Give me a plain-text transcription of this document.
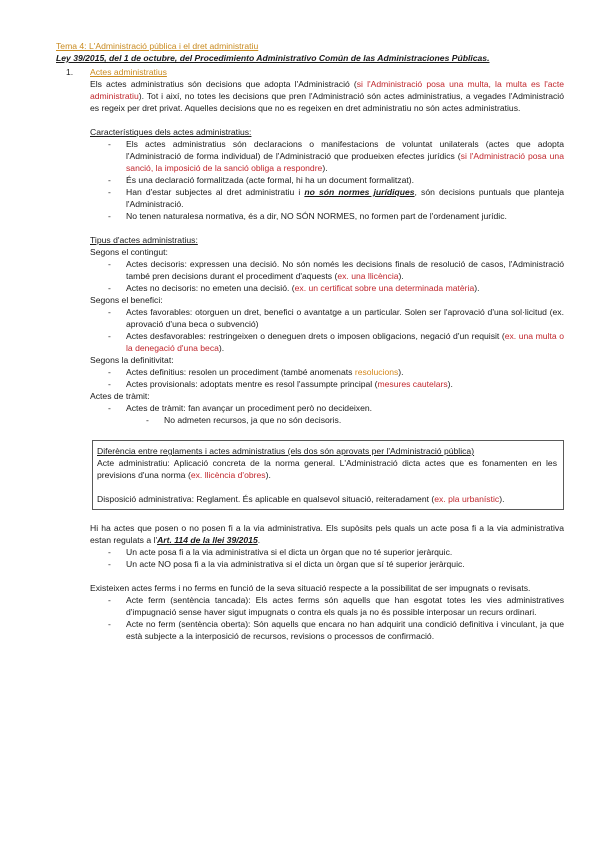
Tema 4: L'Administració pública i el dret administratiu

Ley 39/2015, del 1 de octubre, del Procedimiento Administrativo Común de las Administraciones Públicas.

1. Actes administratius

Els actes administratius són decisions que adopta l'Administració (si l'Administració posa una multa, la multa es l'acte administratiu). Tot i així, no totes les decisions que pren l'Administració són actes administratius, a vegades l'Administració es regeix per dret privat. Aquelles decisions que no es regeixen en dret administratiu no són actes administratius.

Característiques dels actes administratius:

- Els actes administratius són declaracions o manifestacions de voluntat unilaterals (actes que adopta l'Administració de forma individual) de l'Administració que produeixen efectes jurídics (si l'Administració posa una sanció, la imposició de la sanció obliga a respondre).
- És una declaració formalitzada (acte formal, hi ha un document formalitzat).
- Han d'estar subjectes al dret administratiu i no són normes jurídiques, són decisions puntuals que planteja l'Administració.
- No tenen naturalesa normativa, és a dir, NO SÓN NORMES, no formen part de l'ordenament jurídic.

Tipus d'actes administratius:

Segons el contingut:

- Actes decisoris: expressen una decisió. No són només les decisions finals de resolució de casos, l'Administració també pren decisions durant el procediment d'aquests (ex. una llicència).
- Actes no decisoris: no emeten una decisió. (ex. un certificat sobre una determinada matèria).

Segons el benefici:

- Actes favorables: otorguen un dret, benefici o avantatge a un particular. Solen ser l'aprovació d'una sol·licitud (ex. aprovació d'una beca o subvenció)
- Actes desfavorables: restringeixen o deneguen drets o imposen obligacions, negació d'un requisit (ex. una multa o la denegació d'una beca).

Segons la definitivitat:

- Actes definitius: resolen un procediment (també anomenats resolucions).
- Actes provisionals: adoptats mentre es resol l'assumpte principal (mesures cautelars).

Actes de tràmit:

- Actes de tràmit: fan avançar un procediment però no decideixen.
- No admeten recursos, ja que no són decisoris.

Diferència entre reglaments i actes administratius (els dos són aprovats per l'Administració pública)

Acte administratiu: Aplicació concreta de la norma general. L'Administració dicta actes que es fonamenten en les previsions d'una norma (ex. llicència d'obres).

Disposició administrativa: Reglament. És aplicable en qualsevol situació, reiteradament (ex. pla urbanístic).

Hi ha actes que posen o no posen fi a la via administrativa. Els supòsits pels quals un acte posa fi a la via administrativa estan regulats a l'Art. 114 de la llei 39/2015.

- Un acte posa fi a la via administrativa si el dicta un òrgan que no té superior jeràrquic.
- Un acte NO posa fi a la via administrativa si el dicta un òrgan que sí té superior jeràrquic.

Existeixen actes ferms i no ferms en funció de la seva situació respecte a la possibilitat de ser impugnats o revisats.

- Acte ferm (sentència tancada): Els actes ferms són aquells que han esgotat totes les vies administratives d'impugnació sense haver sigut impugnats o contra els quals ja no és possible interposar un recurs ordinari.
- Acte no ferm (sentència oberta): Són aquells que encara no han adquirit una condició definitiva i vinculant, ja que està subjecte a la interposició de recursos, revisions o processos de confirmació.
